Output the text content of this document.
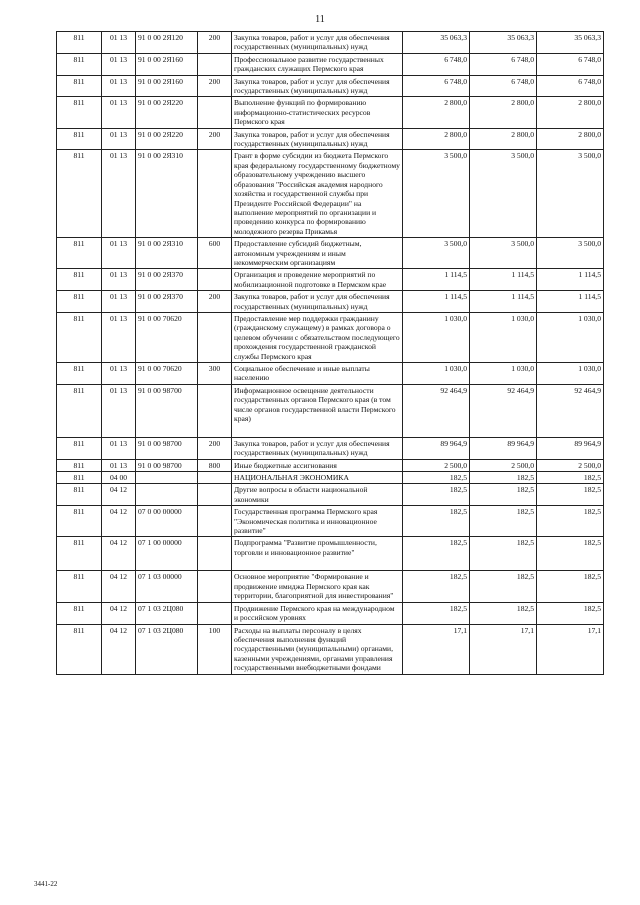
11
811	01 13	91 0 00 2Я120	200	Закупка товаров, работ и услуг для обеспечения государственных (муниципальных) нужд	35 063,3	35 063,3	35 063,3
811	01 13	91 0 00 2Я160		Профессиональное развитие государственных гражданских служащих Пермского края	6 748,0	6 748,0	6 748,0
811	01 13	91 0 00 2Я160	200	Закупка товаров, работ и услуг для обеспечения государственных (муниципальных) нужд	6 748,0	6 748,0	6 748,0
811	01 13	91 0 00 2Я220		Выполнение функций по формированию информационно-статистических ресурсов Пермского края	2 800,0	2 800,0	2 800,0
811	01 13	91 0 00 2Я220	200	Закупка товаров, работ и услуг для обеспечения государственных (муниципальных) нужд	2 800,0	2 800,0	2 800,0
811	01 13	91 0 00 2Я310		Грант в форме субсидии из бюджета Пермского края федеральному государственному бюджетному образовательному учреждению высшего образования "Российская академия народного хозяйства и государственной службы при Президенте Российской Федерации" на выполнение мероприятий по организации и проведению конкурса по формированию молодежного резерва Прикамья	3 500,0	3 500,0	3 500,0
811	01 13	91 0 00 2Я310	600	Предоставление субсидий бюджетным, автономным учреждениям и иным некоммерческим организациям	3 500,0	3 500,0	3 500,0
811	01 13	91 0 00 2Я370		Организация и проведение мероприятий по мобилизационной подготовке в Пермском крае	1 114,5	1 114,5	1 114,5
811	01 13	91 0 00 2Я370	200	Закупка товаров, работ и услуг для обеспечения государственных (муниципальных) нужд	1 114,5	1 114,5	1 114,5
811	01 13	91 0 00 70620		Предоставление мер поддержки гражданину (гражданскому служащему) в рамках договора о целевом обучении с обязательством последующего прохождения государственной гражданской службы Пермского края	1 030,0	1 030,0	1 030,0
811	01 13	91 0 00 70620	300	Социальное обеспечение и иные выплаты населению	1 030,0	1 030,0	1 030,0
811	01 13	91 0 00 98700		Информационное освещение деятельности государственных органов Пермского края (в том числе органов государственной власти Пермского края)	92 464,9	92 464,9	92 464,9
811	01 13	91 0 00 98700	200	Закупка товаров, работ и услуг для обеспечения государственных (муниципальных) нужд	89 964,9	89 964,9	89 964,9
811	01 13	91 0 00 98700	800	Иные бюджетные ассигнования	2 500,0	2 500,0	2 500,0
811	04 00			НАЦИОНАЛЬНАЯ ЭКОНОМИКА	182,5	182,5	182,5
811	04 12			Другие вопросы в области национальной экономики	182,5	182,5	182,5
811	04 12	07 0 00 00000		Государственная программа Пермского края "Экономическая политика и инновационное развитие"	182,5	182,5	182,5
811	04 12	07 1 00 00000		Подпрограмма "Развитие промышленности, торговли и инновационное развитие"	182,5	182,5	182,5
811	04 12	07 1 03 00000		Основное мероприятие "Формирование и продвижение имиджа Пермского края как территории, благоприятной для инвестирования"	182,5	182,5	182,5
811	04 12	07 1 03 2Ц080		Продвижение Пермского края на международном и российском уровнях	182,5	182,5	182,5
811	04 12	07 1 03 2Ц080	100	Расходы на выплаты персоналу в целях обеспечения выполнения функций государственными (муниципальными) органами, казенными учреждениями, органами управления государственными внебюджетными фондами	17,1	17,1	17,1
3441-22
